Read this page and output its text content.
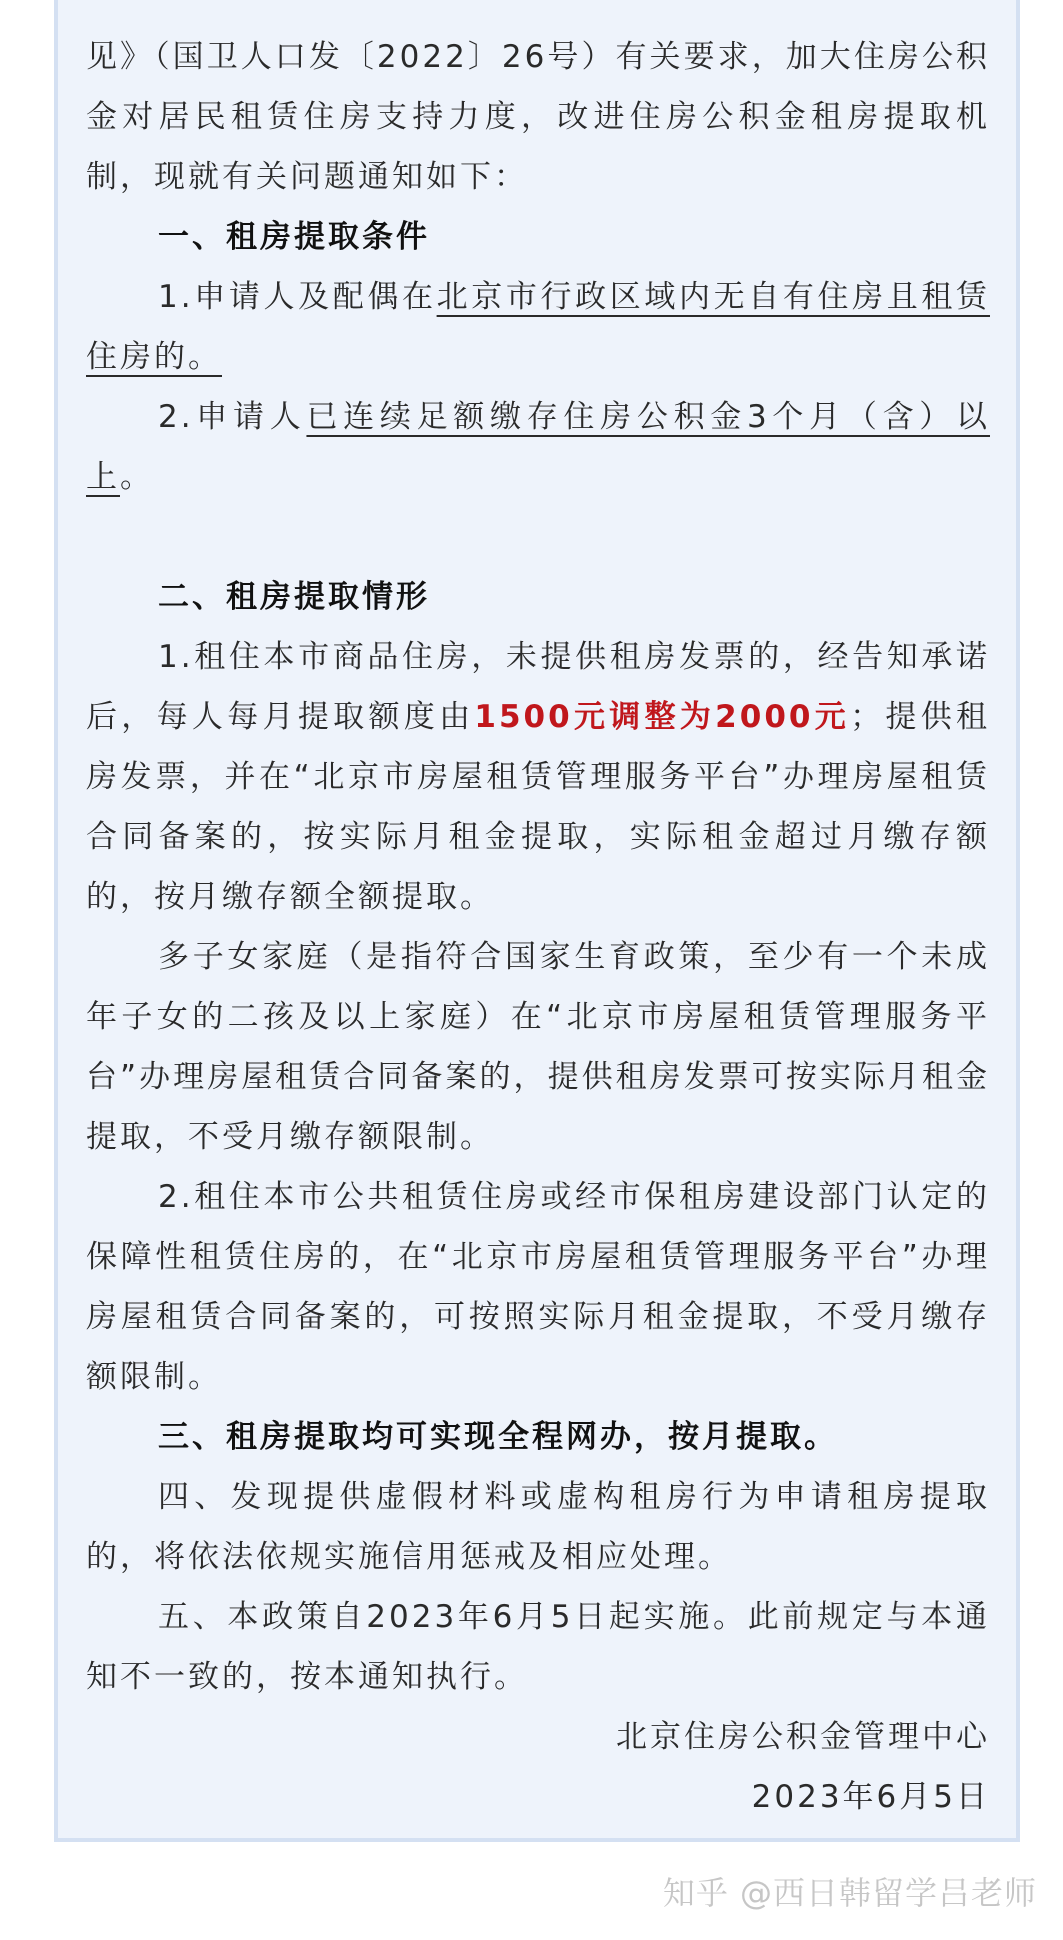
见》（国卫人口发〔2022〕26号）有关要求，加大住房公积金对居民租赁住房支持力度，改进住房公积金租房提取机制，现就有关问题通知如下：

一、租房提取条件

1.申请人及配偶在北京市行政区域内无自有住房且租赁住房的。

2.申请人已连续足额缴存住房公积金3个月（含）以上。

二、租房提取情形

1.租住本市商品住房，未提供租房发票的，经告知承诺后，每人每月提取额度由1500元调整为2000元；提供租房发票，并在“北京市房屋租赁管理服务平台”办理房屋租赁合同备案的，按实际月租金提取，实际租金超过月缴存额的，按月缴存额全额提取。

多子女家庭（是指符合国家生育政策，至少有一个未成年子女的二孩及以上家庭）在“北京市房屋租赁管理服务平台”办理房屋租赁合同备案的，提供租房发票可按实际月租金提取，不受月缴存额限制。

2.租住本市公共租赁住房或经市保租房建设部门认定的保障性租赁住房的，在“北京市房屋租赁管理服务平台”办理房屋租赁合同备案的，可按照实际月租金提取，不受月缴存额限制。

三、租房提取均可实现全程网办，按月提取。

四、发现提供虚假材料或虚构租房行为申请租房提取的，将依法依规实施信用惩戒及相应处理。

五、本政策自2023年6月5日起实施。此前规定与本通知不一致的，按本通知执行。

北京住房公积金管理中心

2023年6月5日

知乎 @西日韩留学吕老师
